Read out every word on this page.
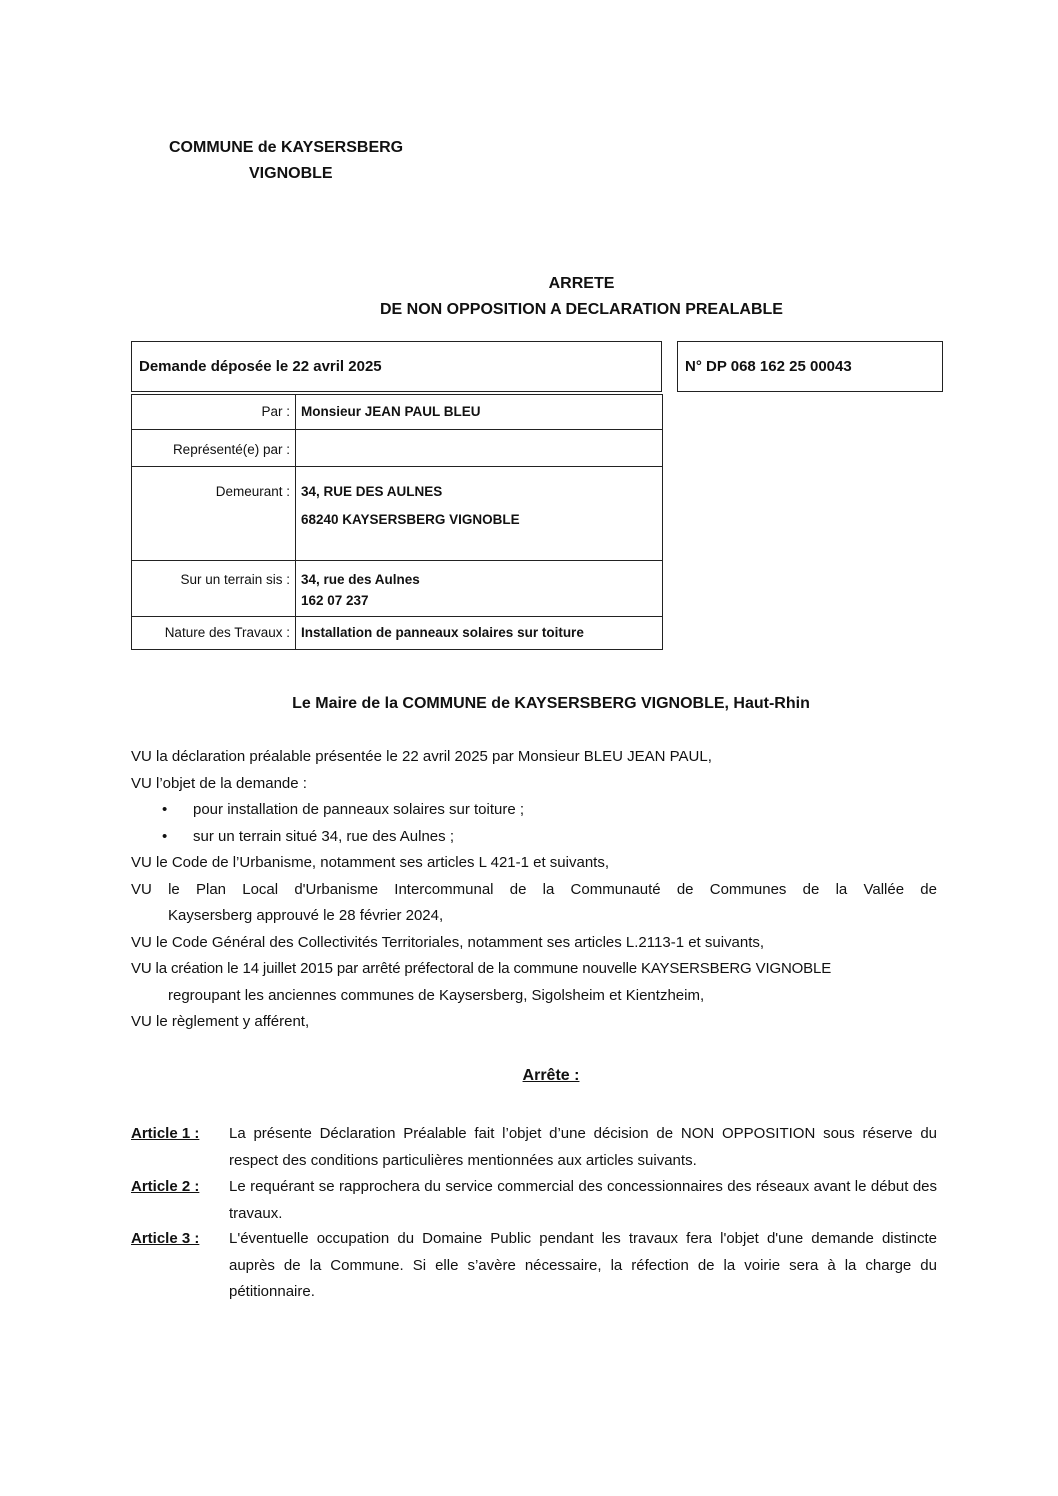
COMMUNE de KAYSERSBERG
VIGNOBLE
ARRETE
DE NON OPPOSITION A DECLARATION PREALABLE
Demande déposée le 22 avril 2025	N° DP 068 162 25 00043
Par :	Monsieur JEAN PAUL BLEU
Représenté(e) par :	
Demeurant :	34, RUE DES AULNES
68240 KAYSERSBERG VIGNOBLE

Sur un terrain sis :	34, rue des Aulnes
162 07 237

Nature des Travaux :	Installation de panneaux solaires sur toiture
Le Maire de la COMMUNE de KAYSERSBERG VIGNOBLE, Haut-Rhin

VU la déclaration préalable présentée le 22 avril 2025 par Monsieur BLEU JEAN PAUL,

VU l’objet de la demande :

• pour installation de panneaux solaires sur toiture ;

• sur un terrain situé 34, rue des Aulnes ;

VU le Code de l’Urbanisme, notamment ses articles L 421-1 et suivants,

VU le Plan Local d'Urbanisme Intercommunal de la Communauté de Communes de la Vallée de

Kaysersberg approuvé le 28 février 2024,

VU le Code Général des Collectivités Territoriales, notamment ses articles L.2113-1 et suivants,

VU la création le 14 juillet 2015 par arrêté préfectoral de la commune nouvelle KAYSERSBERG VIGNOBLE

regroupant les anciennes communes de Kaysersberg, Sigolsheim et Kientzheim,

VU le règlement y afférent,

Arrête :
Article 1 : La présente Déclaration Préalable fait l’objet d’une décision de NON OPPOSITION sous réserve du respect des conditions particulières mentionnées aux articles suivants.
Article 2 : Le requérant se rapprochera du service commercial des concessionnaires des réseaux avant le début des travaux.
Article 3 : L'éventuelle occupation du Domaine Public pendant les travaux fera l'objet d'une demande distincte auprès de la Commune. Si elle s’avère nécessaire, la réfection de la voirie sera à la charge du pétitionnaire.
